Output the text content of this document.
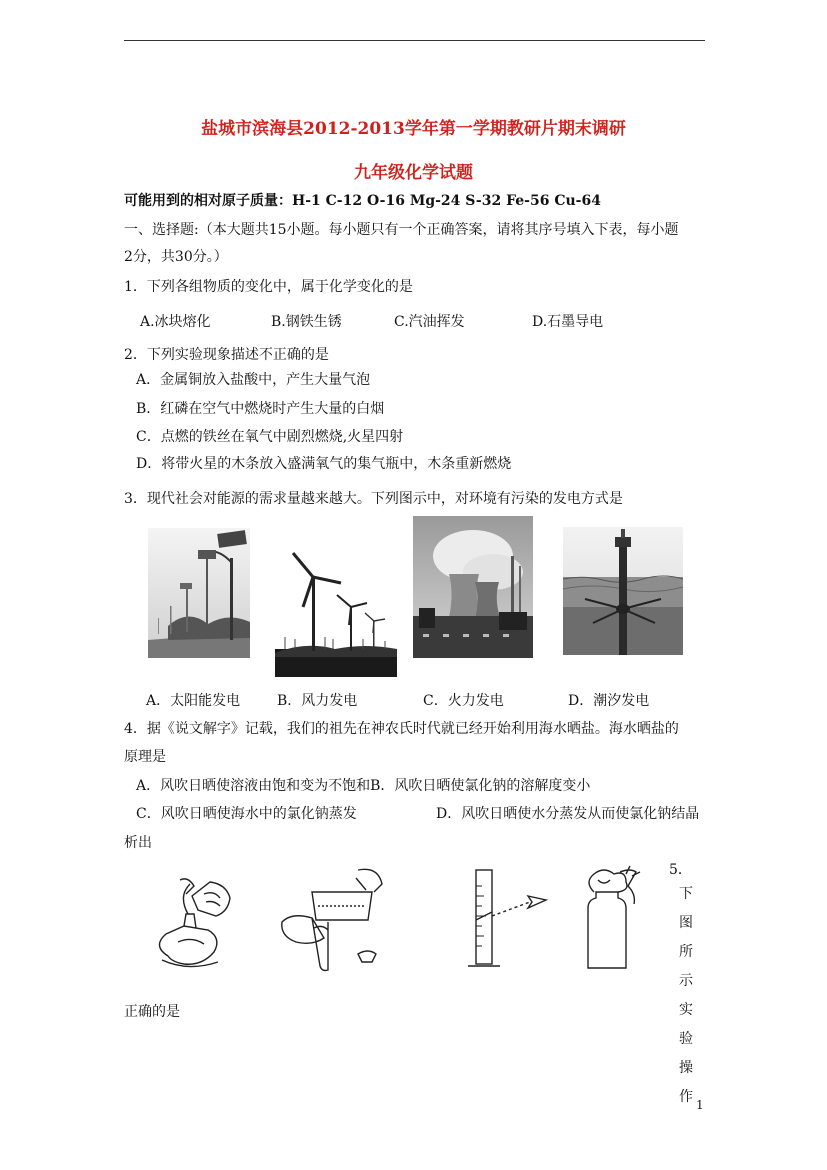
盐城市滨海县2012-2013学年第一学期教研片期末调研
九年级化学试题
可能用到的相对原子质量：H-1 C-12 O-16 Mg-24 S-32 Fe-56 Cu-64
一、选择题:（本大题共15小题。每小题只有一个正确答案，请将其序号填入下表，每小题
2分，共30分。）
1．下列各组物质的变化中，属于化学变化的是
A.冰块熔化	B.钢铁生锈	C.汽油挥发	D.石墨导电
2．下列实验现象描述不正确的是
A．金属铜放入盐酸中，产生大量气泡
B．红磷在空气中燃烧时产生大量的白烟
C．点燃的铁丝在氧气中剧烈燃烧,火星四射
D．将带火星的木条放入盛满氧气的集气瓶中，木条重新燃烧
3．现代社会对能源的需求量越来越大。下列图示中，对环境有污染的发电方式是
A．太阳能发电	B．风力发电	C．火力发电	D．潮汐发电
4．据《说文解字》记载，我们的祖先在神农氏时代就已经开始利用海水晒盐。海水晒盐的
原理是
A．风吹日晒使溶液由饱和变为不饱和B．风吹日晒使氯化钠的溶解度变小
C．风吹日晒使海水中的氯化钠蒸发	D．风吹日晒使水分蒸发从而使氯化钠结晶
析出
5．
下
图
所
示
实
验
操
作
正确的是
1
